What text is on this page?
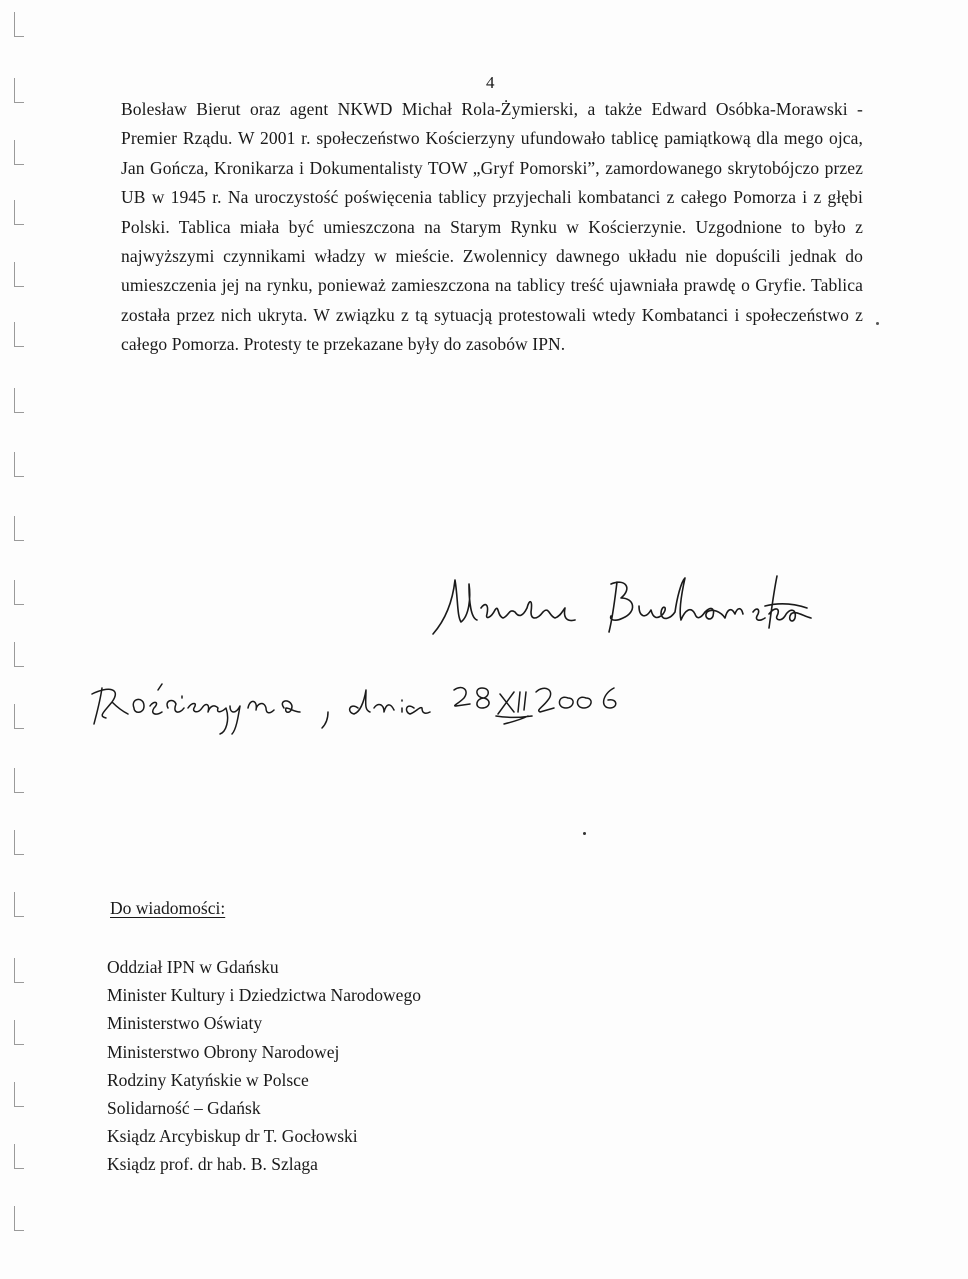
4
Bolesław Bierut oraz agent NKWD Michał Rola-Żymierski, a także Edward Osóbka-Morawski - Premier Rządu. W 2001 r. społeczeństwo Kościerzyny ufundowało tablicę pamiątkową dla mego ojca, Jan Gończa, Kronikarza i Dokumentalisty TOW „Gryf Pomorski”, zamordowanego skrytobójczo przez UB w 1945 r. Na uroczystość poświęcenia tablicy przyjechali kombatanci z całego Pomorza i z głębi Polski. Tablica miała być umieszczona na Starym Rynku w Kościerzynie. Uzgodnione to było z najwyższymi czynnikami władzy w mieście. Zwolennicy dawnego układu nie dopuścili jednak do umieszczenia jej na rynku, ponieważ zamieszczona na tablicy treść ujawniała prawdę o Gryfie. Tablica została przez nich ukryta. W związku z tą sytuacją protestowali wtedy Kombatanci i społeczeństwo z całego Pomorza. Protesty te przekazane były do zasobów IPN.
Do wiadomości:
Oddział IPN w Gdańsku
Minister Kultury i Dziedzictwa Narodowego
Ministerstwo Oświaty
Ministerstwo Obrony Narodowej
Rodziny Katyńskie w Polsce
Solidarność – Gdańsk
Ksiądz Arcybiskup dr T. Gocłowski
Ksiądz prof. dr hab. B. Szlaga
